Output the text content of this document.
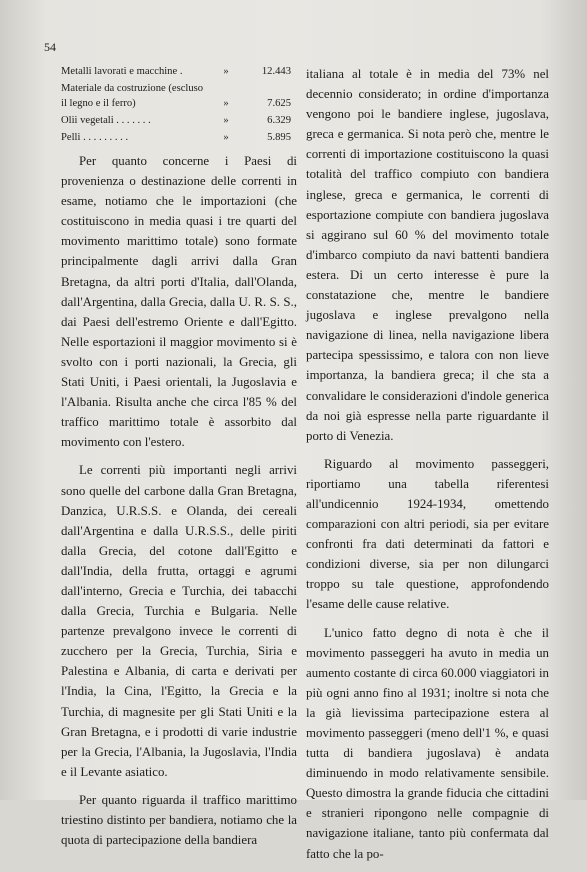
54
Metalli lavorati e macchine .	»	12.443
Materiale da costruzione (escluso il legno e il ferro)	»	7.625
Olii vegetali . . . . . . .	»	6.329
Pelli . . . . . . . . .	»	5.895

Per quanto concerne i Paesi di provenienza o destinazione delle correnti in esame, notiamo che le importazioni (che costituiscono in media quasi i tre quarti del movimento marittimo totale) sono formate principalmente dagli arrivi dalla Gran Bretagna, da altri porti d'Italia, dall'Olanda, dall'Argentina, dalla Grecia, dalla U. R. S. S., dai Paesi dell'estremo Oriente e dall'Egitto. Nelle esportazioni il maggior movimento si è svolto con i porti nazionali, la Grecia, gli Stati Uniti, i Paesi orientali, la Jugoslavia e l'Albania. Risulta anche che circa l'85 % del traffico marittimo totale è assorbito dal movimento con l'estero.

Le correnti più importanti negli arrivi sono quelle del carbone dalla Gran Bretagna, Danzica, U.R.S.S. e Olanda, dei cereali dall'Argentina e dalla U.R.S.S., delle piriti dalla Grecia, del cotone dall'Egitto e dall'India, della frutta, ortaggi e agrumi dall'interno, Grecia e Turchia, dei tabacchi dalla Grecia, Turchia e Bulgaria. Nelle partenze prevalgono invece le correnti di zucchero per la Grecia, Turchia, Siria e Palestina e Albania, di carta e derivati per l'India, la Cina, l'Egitto, la Grecia e la Turchia, di magnesite per gli Stati Uniti e la Gran Bretagna, e i prodotti di varie industrie per la Grecia, l'Albania, la Jugoslavia, l'India e il Levante asiatico.

Per quanto riguarda il traffico marittimo triestino distinto per bandiera, notiamo che la quota di partecipazione della bandiera

italiana al totale è in media del 73% nel decennio considerato; in ordine d'importanza vengono poi le bandiere inglese, jugoslava, greca e germanica. Si nota però che, mentre le correnti di importazione costituiscono la quasi totalità del traffico compiuto con bandiera inglese, greca e germanica, le correnti di esportazione compiute con bandiera jugoslava si aggirano sul 60 % del movimento totale d'imbarco compiuto da navi battenti bandiera estera. Di un certo interesse è pure la constatazione che, mentre le bandiere jugoslava e inglese prevalgono nella navigazione di linea, nella navigazione libera partecipa spessissimo, e talora con non lieve importanza, la bandiera greca; il che sta a convalidare le considerazioni d'indole generica da noi già espresse nella parte riguardante il porto di Venezia.

Riguardo al movimento passeggeri, riportiamo una tabella riferentesi all'undicennio 1924-1934, omettendo comparazioni con altri periodi, sia per evitare confronti fra dati determinati da fattori e condizioni diverse, sia per non dilungarci troppo su tale questione, approfondendo l'esame delle cause relative.

L'unico fatto degno di nota è che il movimento passeggeri ha avuto in media un aumento costante di circa 60.000 viaggiatori in più ogni anno fino al 1931; inoltre si nota che la già lievissima partecipazione estera al movimento passeggeri (meno dell'1 %, e quasi tutta di bandiera jugoslava) è andata diminuendo in modo relativamente sensibile. Questo dimostra la grande fiducia che cittadini e stranieri ripongono nelle compagnie di navigazione italiane, tanto più confermata dal fatto che la po-
